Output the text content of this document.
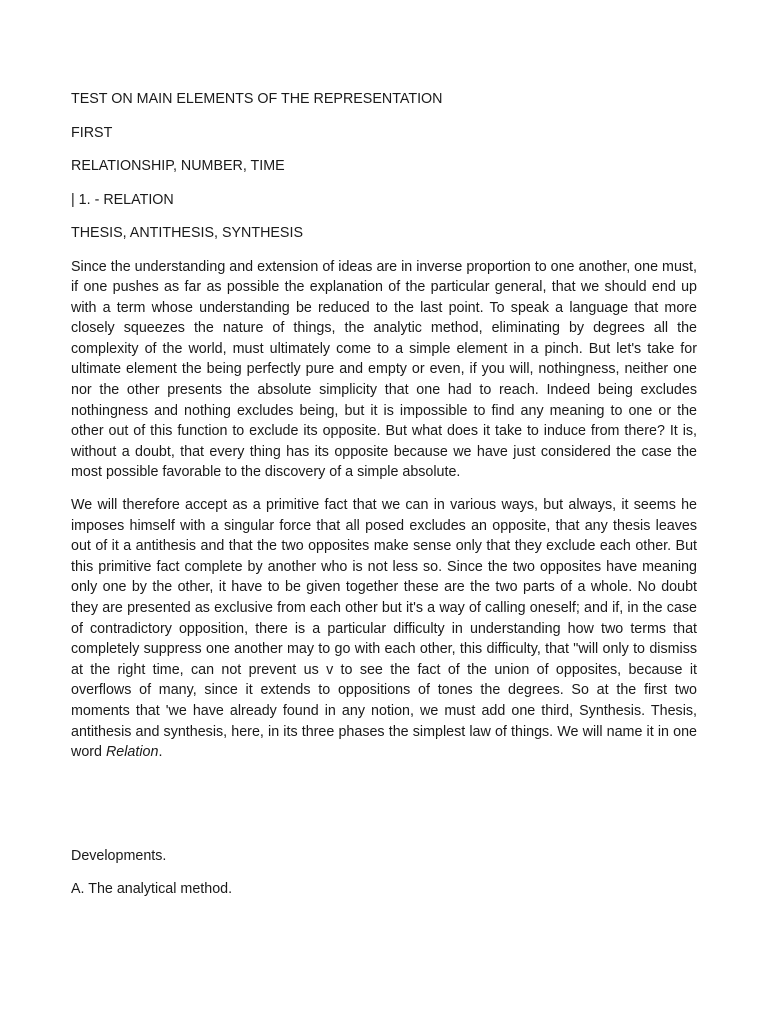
TEST ON MAIN ELEMENTS OF THE REPRESENTATION
FIRST
RELATIONSHIP, NUMBER, TIME
| 1. - RELATION
THESIS, ANTITHESIS, SYNTHESIS

Since the understanding and extension of ideas are in inverse proportion to one another, one must, if one pushes as far as possible the explanation of the particular general, that we should end up with a term whose understanding be reduced to the last point. To speak a language that more closely squeezes the nature of things, the analytic method, eliminating by degrees all the complexity of the world, must ultimately come to a simple element in a pinch. But let's take for ultimate element the being perfectly pure and empty or even, if you will, nothingness, neither one nor the other presents the absolute simplicity that one had to reach. Indeed being excludes nothingness and nothing excludes being, but it is impossible to find any meaning to one or the other out of this function to exclude its opposite. But what does it take to induce from there? It is, without a doubt, that every thing has its opposite because we have just considered the case the most possible favorable to the discovery of a simple absolute.

We will therefore accept as a primitive fact that we can in various ways, but always, it seems he imposes himself with a singular force that all posed excludes an opposite, that any thesis leaves out of it a antithesis and that the two opposites make sense only that they exclude each other. But this primitive fact complete by another who is not less so. Since the two opposites have meaning only one by the other, it have to be given together these are the two parts of a whole. No doubt they are presented as exclusive from each other but it's a way of calling oneself; and if, in the case of contradictory opposition, there is a particular difficulty in understanding how two terms that completely suppress one another may to go with each other, this difficulty, that "will only to dismiss at the right time, can not prevent us v to see the fact of the union of opposites, because it overflows of many, since it extends to oppositions of tones the degrees. So at the first two moments that 'we have already found in any notion, we must add one third, Synthesis. Thesis, antithesis and synthesis, here, in its three phases the simplest law of things. We will name it in one word Relation.

Developments.
A. The analytical method.
